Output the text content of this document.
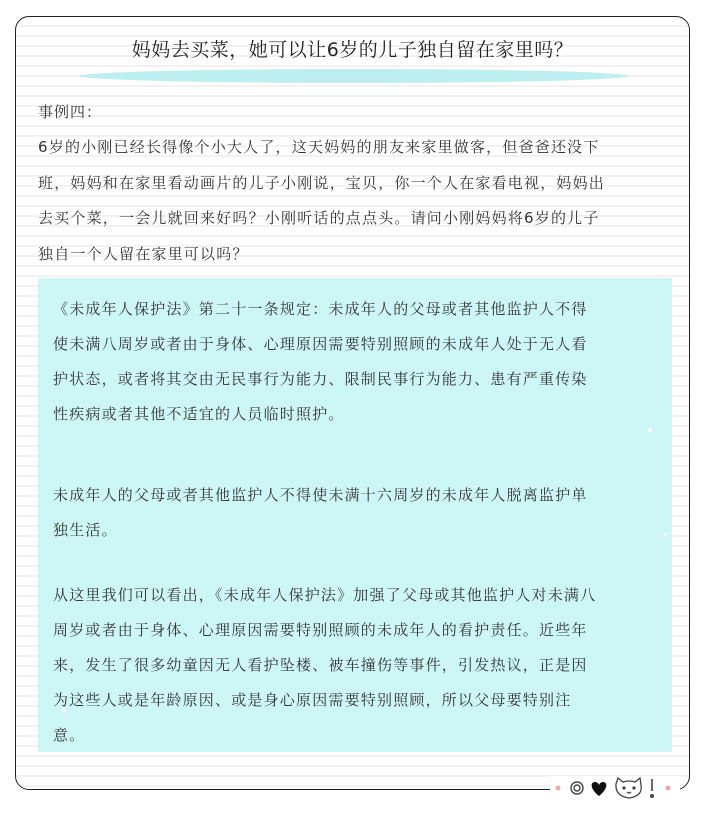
妈妈去买菜，她可以让6岁的儿子独自留在家里吗？
事例四：
6岁的小刚已经长得像个小大人了，这天妈妈的朋友来家里做客，但爸爸还没下
班，妈妈和在家里看动画片的儿子小刚说，宝贝，你一个人在家看电视，妈妈出
去买个菜，一会儿就回来好吗？小刚听话的点点头。请问小刚妈妈将6岁的儿子
独自一个人留在家里可以吗？
《未成年人保护法》第二十一条规定：未成年人的父母或者其他监护人不得
使未满八周岁或者由于身体、心理原因需要特别照顾的未成年人处于无人看
护状态，或者将其交由无民事行为能力、限制民事行为能力、患有严重传染
性疾病或者其他不适宜的人员临时照护。
未成年人的父母或者其他监护人不得使未满十六周岁的未成年人脱离监护单
独生活。
从这里我们可以看出，《未成年人保护法》加强了父母或其他监护人对未满八
周岁或者由于身体、心理原因需要特别照顾的未成年人的看护责任。近些年
来，发生了很多幼童因无人看护坠楼、被车撞伤等事件，引发热议，正是因
为这些人或是年龄原因、或是身心原因需要特别照顾，所以父母要特别注
意。
